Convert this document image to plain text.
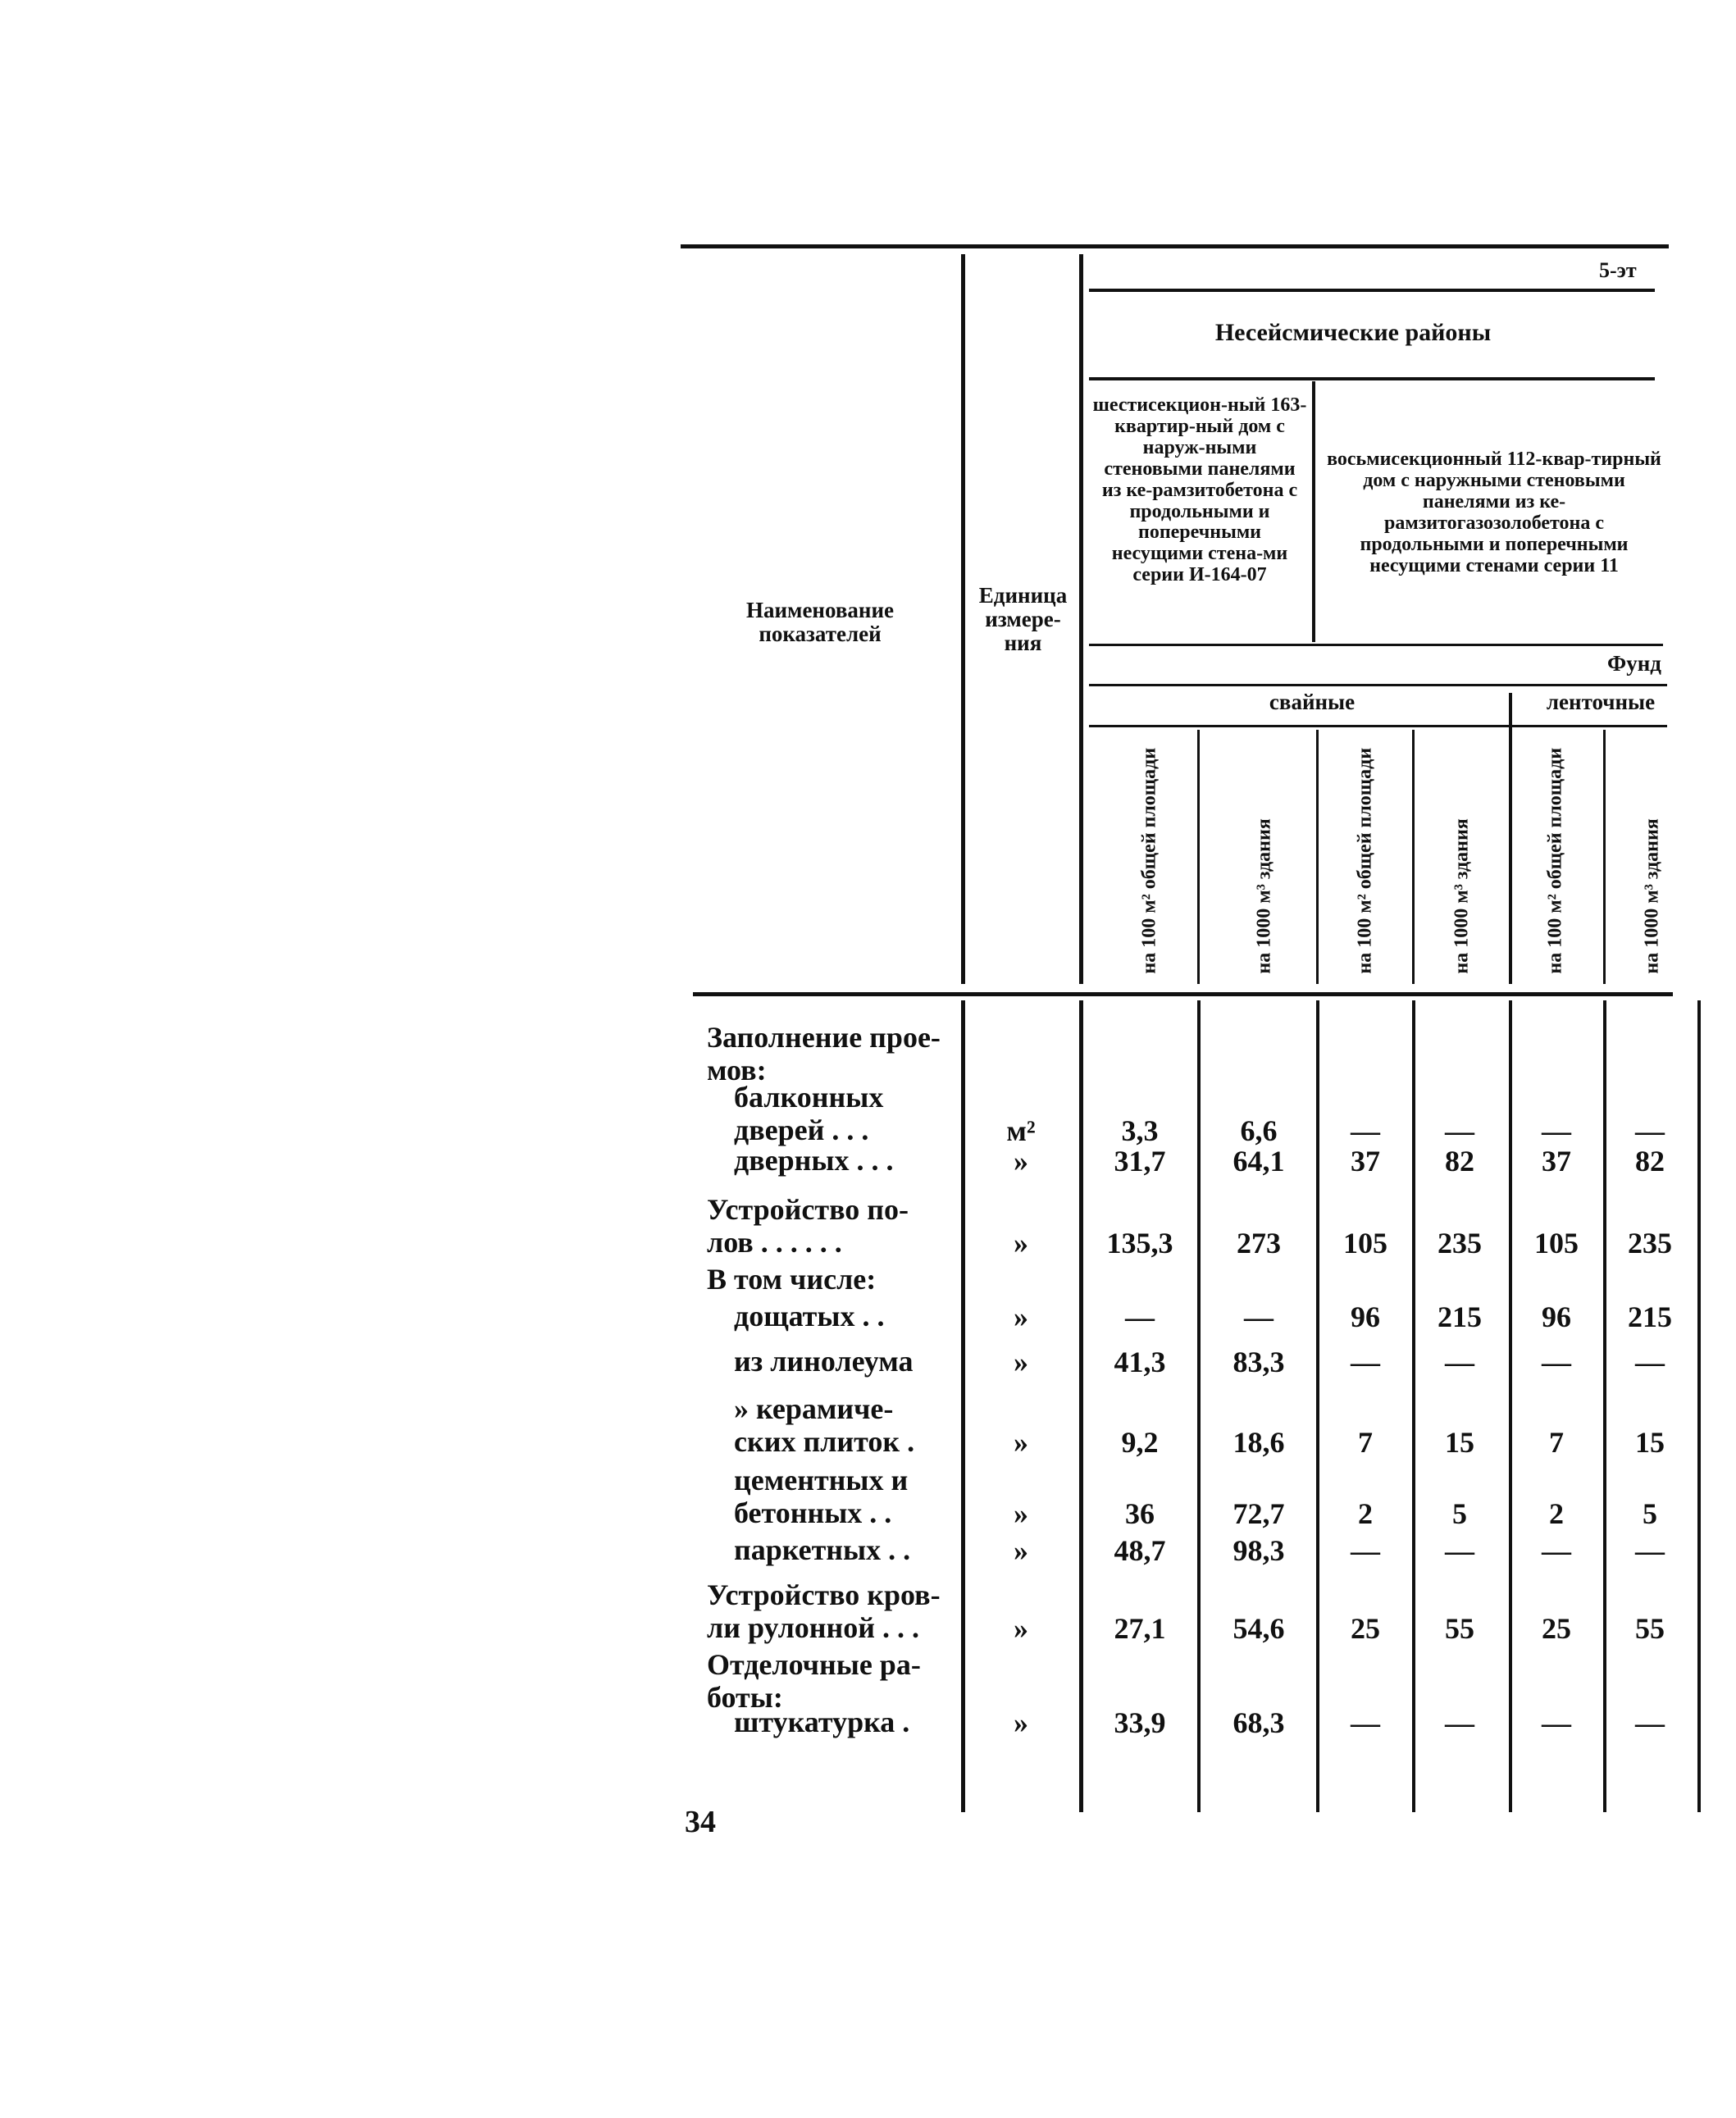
5-эт
Несейсмические районы
Наименование показателей
Единица измере-ния
шестисекцион-ный 163-квартир-ный дом с наруж-ными стеновыми панелями из ке-рамзитобетона с продольными и поперечными несущими стена-ми серии И-164-07
восьмисекционный 112-квар-тирный дом с наружными стеновыми панелями из ке-рамзитогазозолобетона с продольными и поперечными несущими стенами серии 11
Фунд
свайные	ленточные
на 100 м² общей площади	на 1000 м³ здания	на 100 м² общей площади	на 1000 м³ здания	на 100 м² общей площади	на 1000 м³ здания
Заполнение прое-мов:
балконных дверей . . .	м²	3,3	6,6	—	—	—	—
дверных . . .	»	31,7	64,1	37	82	37	82
Устройство по-лов . . . . . .	»	135,3	273	105	235	105	235
В том числе:
дощатых . .	»	—	—	96	215	96	215
из линолеума	»	41,3	83,3	—	—	—	—
» керамиче-ских плиток .	»	9,2	18,6	7	15	7	15
цементных и бетонных . .	»	36	72,7	2	5	2	5
паркетных . .	»	48,7	98,3	—	—	—	—
Устройство кров-ли рулонной . . .	»	27,1	54,6	25	55	25	55
Отделочные ра-боты:
штукатурка .	»	33,9	68,3	—	—	—	—
34
